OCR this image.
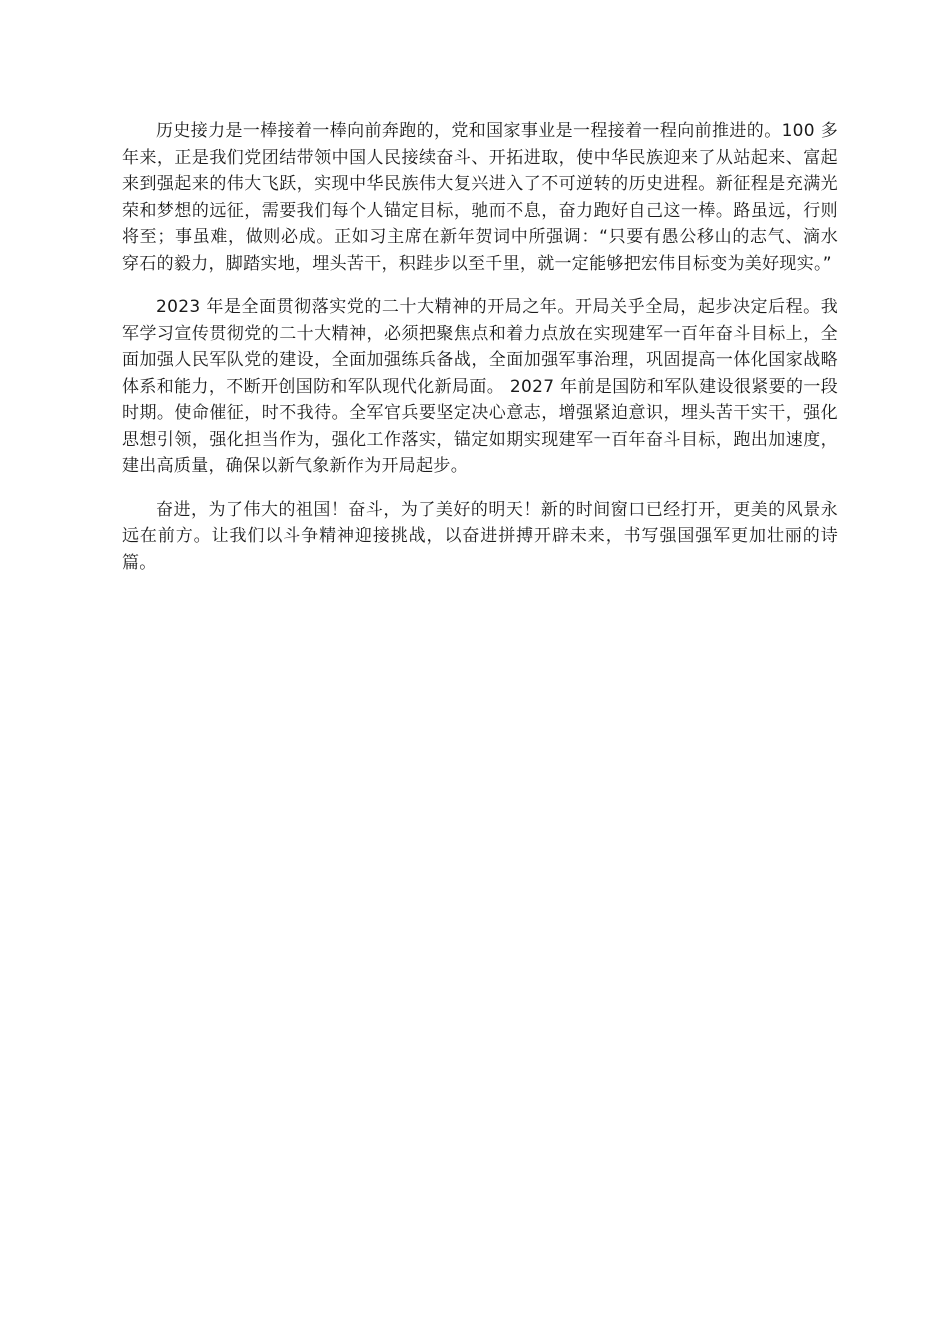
历史接力是一棒接着一棒向前奔跑的，党和国家事业是一程接着一程向前推进的。100 多年来，正是我们党团结带领中国人民接续奋斗、开拓进取，使中华民族迎来了从站起来、富起来到强起来的伟大飞跃，实现中华民族伟大复兴进入了不可逆转的历史进程。新征程是充满光荣和梦想的远征，需要我们每个人锚定目标，驰而不息，奋力跑好自己这一棒。路虽远，行则将至；事虽难，做则必成。正如习主席在新年贺词中所强调：“只要有愚公移山的志气、滴水穿石的毅力，脚踏实地，埋头苦干，积跬步以至千里，就一定能够把宏伟目标变为美好现实。”

2023 年是全面贯彻落实党的二十大精神的开局之年。开局关乎全局，起步决定后程。我军学习宣传贯彻党的二十大精神，必须把聚焦点和着力点放在实现建军一百年奋斗目标上，全面加强人民军队党的建设，全面加强练兵备战，全面加强军事治理，巩固提高一体化国家战略体系和能力，不断开创国防和军队现代化新局面。 2027 年前是国防和军队建设很紧要的一段时期。使命催征，时不我待。全军官兵要坚定决心意志，增强紧迫意识，埋头苦干实干，强化思想引领，强化担当作为，强化工作落实，锚定如期实现建军一百年奋斗目标，跑出加速度，建出高质量，确保以新气象新作为开局起步。

奋进，为了伟大的祖国！奋斗，为了美好的明天！新的时间窗口已经打开，更美的风景永远在前方。让我们以斗争精神迎接挑战，以奋进拼搏开辟未来，书写强国强军更加壮丽的诗篇。
